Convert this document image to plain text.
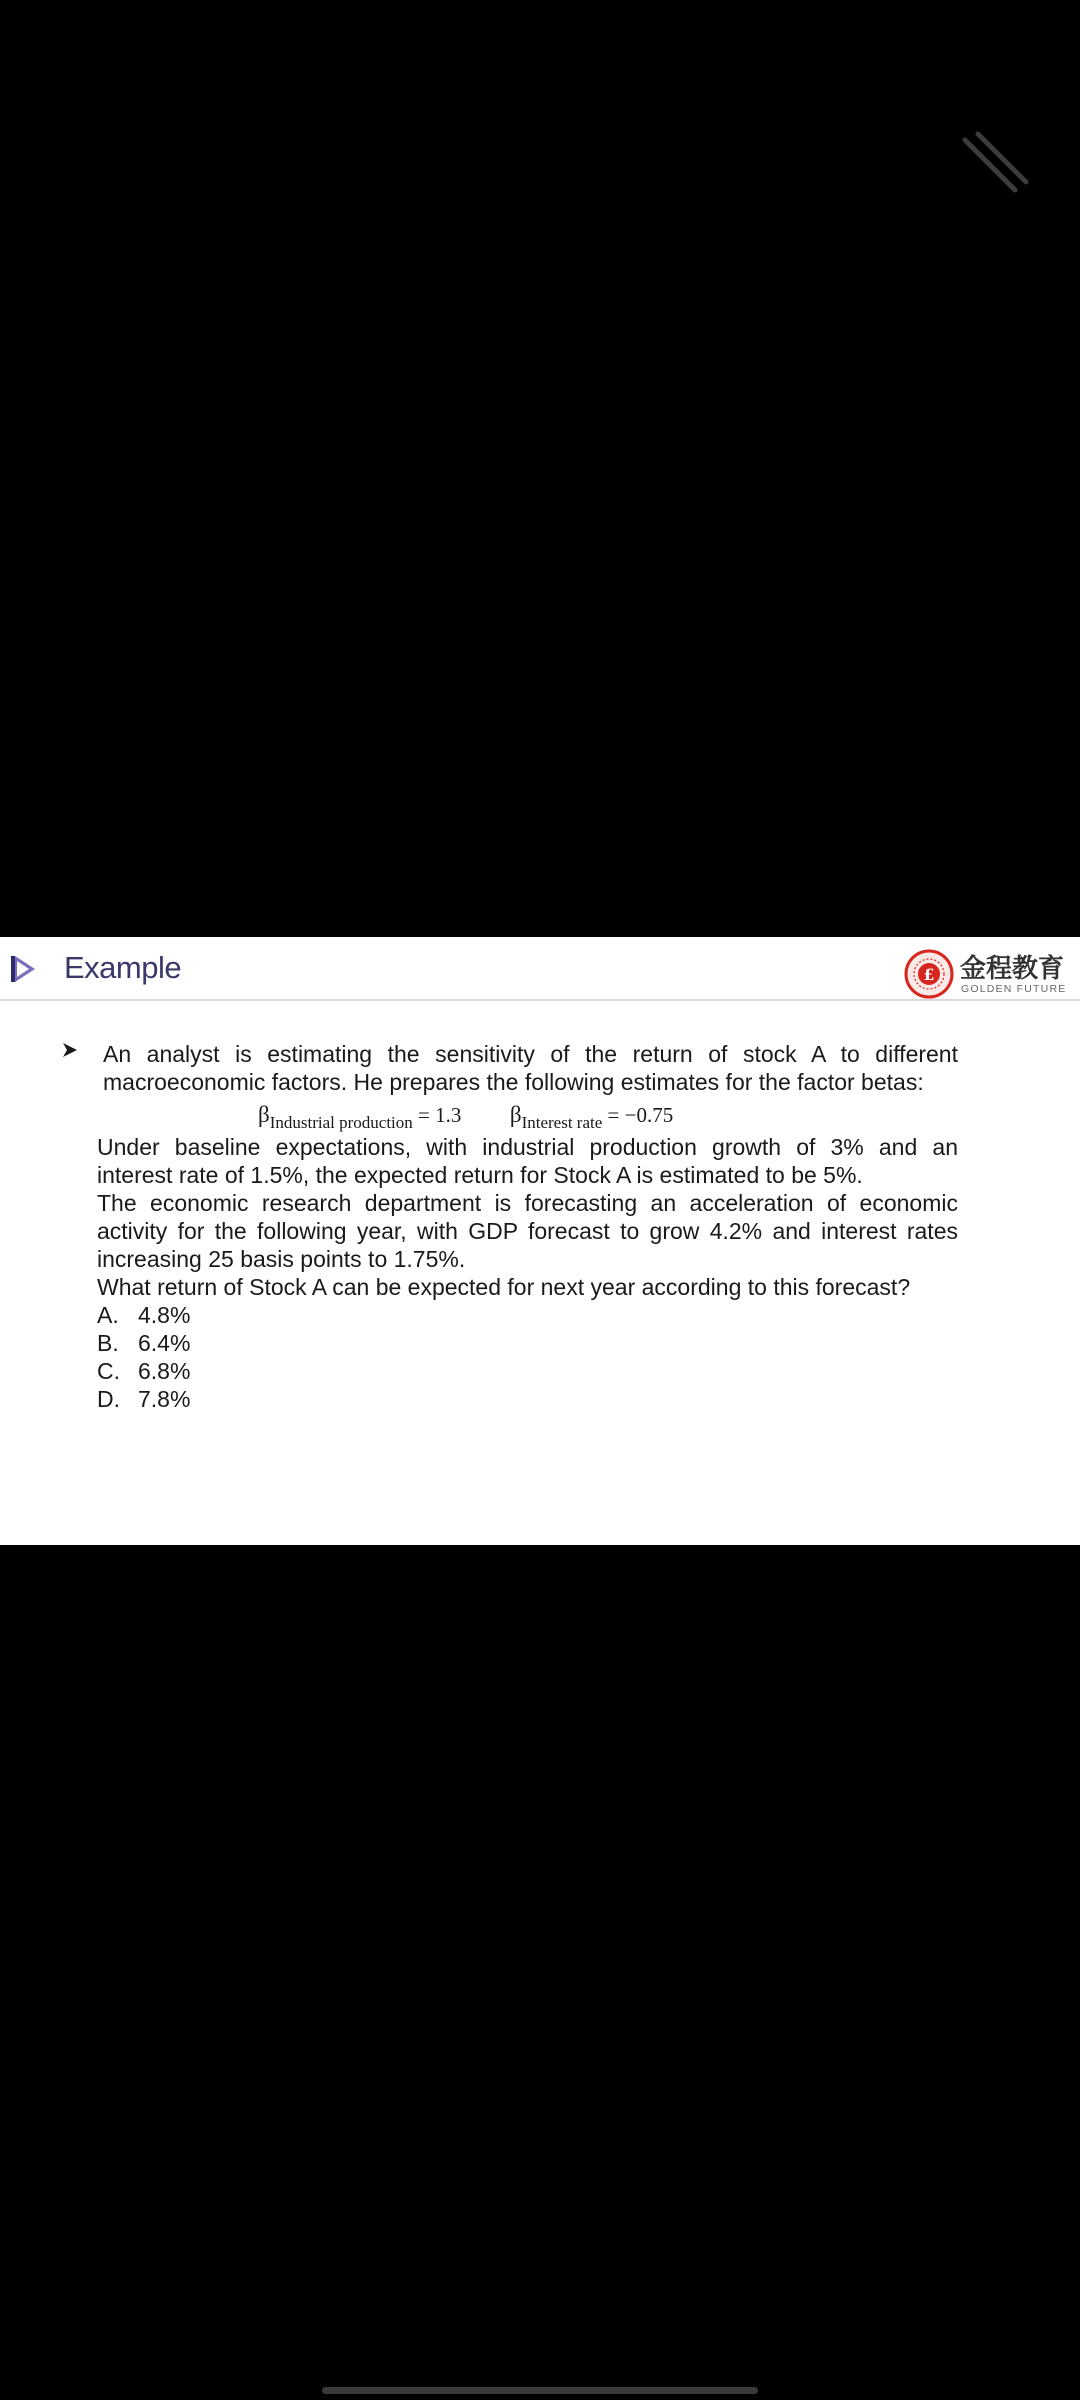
Example	£ 金程教育
GOLDEN FUTURE
An analyst is estimating the sensitivity of the return of stock A to different
macroeconomic factors. He prepares the following estimates for the factor betas:
$\beta_{Industrial production} = 1.3$ $\beta_{Interest rate} = -0.75$
Under baseline expectations, with industrial production growth of 3% and an
interest rate of 1.5%, the expected return for Stock A is estimated to be 5%.
The economic research department is forecasting an acceleration of economic
activity for the following year, with GDP forecast to grow 4.2% and interest rates
increasing 25 basis points to 1.75%.
What return of Stock A can be expected for next year according to this forecast?
A. 4.8%
B. 6.4%
C. 6.8%
D. 7.8%
